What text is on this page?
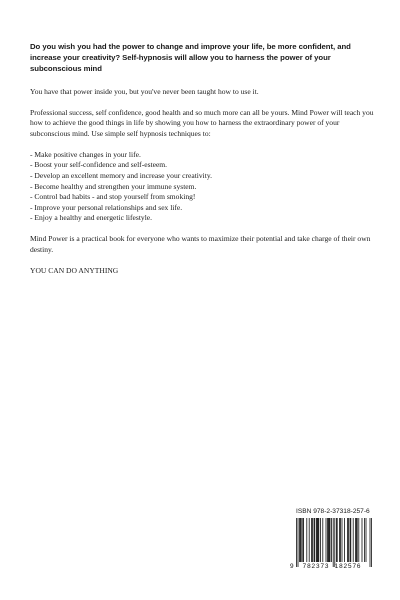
Do you wish you had the power to change and improve your life, be more confident, and increase your creativity? Self-hypnosis will allow you to harness the power of your subconscious mind

You have that power inside you, but you've never been taught how to use it.

Professional success, self confidence, good health and so much more can all be yours. Mind Power will teach you how to achieve the good things in life by showing you how to harness the extraordinary power of your subconscious mind. Use simple self hypnosis techniques to:

- Make positive changes in your life.
- Boost your self-confidence and self-esteem.
- Develop an excellent memory and increase your creativity.
- Become healthy and strengthen your immune system.
- Control bad habits - and stop yourself from smoking!
- Improve your personal relationships and sex life.
- Enjoy a healthy and energetic lifestyle.

Mind Power is a practical book for everyone who wants to maximize their potential and take charge of their own destiny.

YOU CAN DO ANYTHING

ISBN 978-2-37318-257-6
9 782373 182576
